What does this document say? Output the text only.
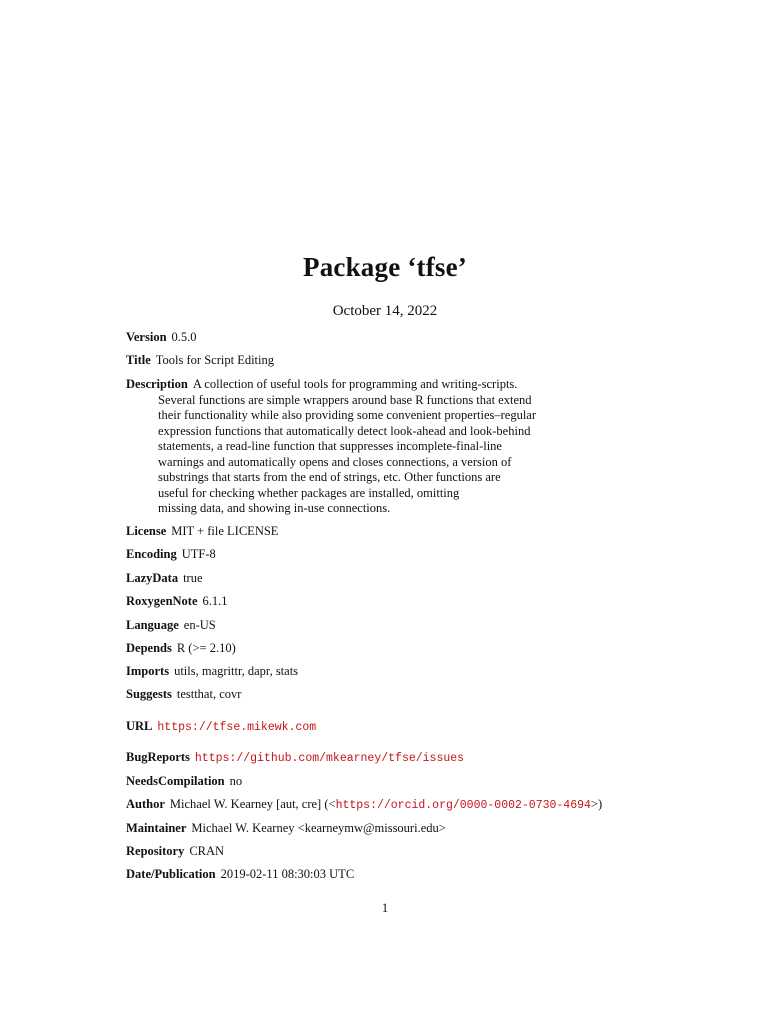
Package ‘tfse’
October 14, 2022
Version 0.5.0
Title Tools for Script Editing
Description A collection of useful tools for programming and writing-scripts.
Several functions are simple wrappers around base R functions that extend
their functionality while also providing some convenient properties–regular
expression functions that automatically detect look-ahead and look-behind
statements, a read-line function that suppresses incomplete-final-line
warnings and automatically opens and closes connections, a version of
substrings that starts from the end of strings, etc. Other functions are
useful for checking whether packages are installed, omitting
missing data, and showing in-use connections.
License MIT + file LICENSE
Encoding UTF-8
LazyData true
RoxygenNote 6.1.1
Language en-US
Depends R (>= 2.10)
Imports utils, magrittr, dapr, stats
Suggests testthat, covr
URL https://tfse.mikewk.com
BugReports https://github.com/mkearney/tfse/issues
NeedsCompilation no
Author Michael W. Kearney [aut, cre] (<https://orcid.org/0000-0002-0730-4694>)
Maintainer Michael W. Kearney <kearneymw@missouri.edu>
Repository CRAN
Date/Publication 2019-02-11 08:30:03 UTC
1
